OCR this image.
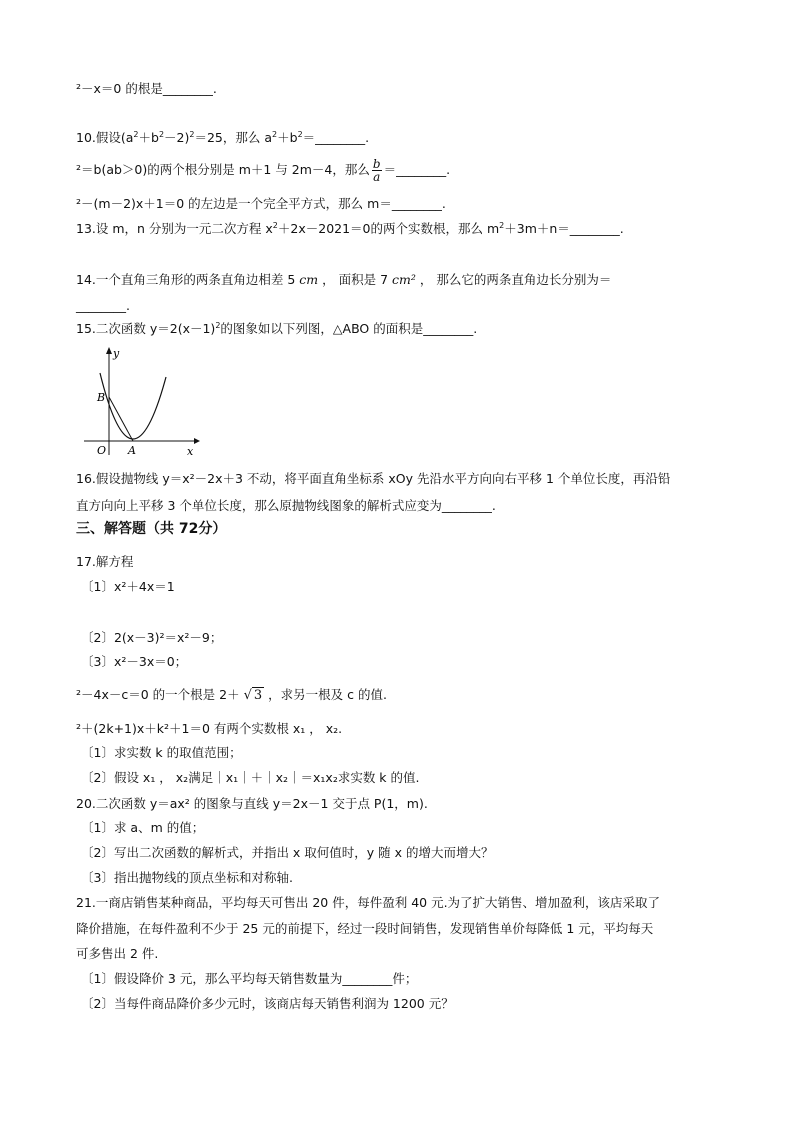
²－x＝0 的根是________.
10.假设$(a^2+b^2-2)^2=25$，那么 $a^2+b^2=\_\_\_\_\_\_\_\_$.
²＝b(ab＞0)的两个根分别是 m＋1 与 2m－4，那么 $\frac{b}{a}$ ＝________.
²－(m－2)x＋1＝0 的左边是一个完全平方式，那么 m＝________.
13.设 m，n 分别为一元二次方程 $x^2+2x-2021=0$的两个实数根，那么 $m^2+3m+n=\_\_\_\_\_\_\_\_$.
14.一个直角三角形的两条直角边相差 5 cm ， 面积是 7 cm² ， 那么它的两条直角边长分别为＝
________.
15.二次函数 $y=2(x-1)^2$的图象如以下列图，△ABO 的面积是________.
y
x
O A
B
16.假设抛物线 y＝x²－2x＋3 不动，将平面直角坐标系 xOy 先沿水平方向向右平移 1 个单位长度，再沿铅
直方向向上平移 3 个单位长度，那么原抛物线图象的解析式应变为________.
三、解答题（共 72分）
17.解方程
〔1〕x²＋4x＝1
〔2〕2(x－3)²＝x²－9；
〔3〕x²－3x＝0；
²－4x－c＝0 的一个根是 2＋ √ 3 ，求另一根及 c 的值.
²＋(2k+1)x＋k²＋1＝0 有两个实数根 x₁ ， x₂.
〔1〕求实数 k 的取值范围；
〔2〕假设 x₁ ， x₂满足｜x₁｜＋｜x₂｜＝x₁x₂求实数 k 的值.
20.二次函数 y＝ax² 的图象与直线 y＝2x－1 交于点 P(1，m).
〔1〕求 a、m 的值；
〔2〕写出二次函数的解析式，并指出 x 取何值时，y 随 x 的增大而增大？
〔3〕指出抛物线的顶点坐标和对称轴.
21.一商店销售某种商品，平均每天可售出 20 件，每件盈利 40 元.为了扩大销售、增加盈利，该店采取了
降价措施，在每件盈利不少于 25 元的前提下，经过一段时间销售，发现销售单价每降低 1 元，平均每天
可多售出 2 件.
〔1〕假设降价 3 元，那么平均每天销售数量为________件；
〔2〕当每件商品降价多少元时，该商店每天销售利润为 1200 元？
